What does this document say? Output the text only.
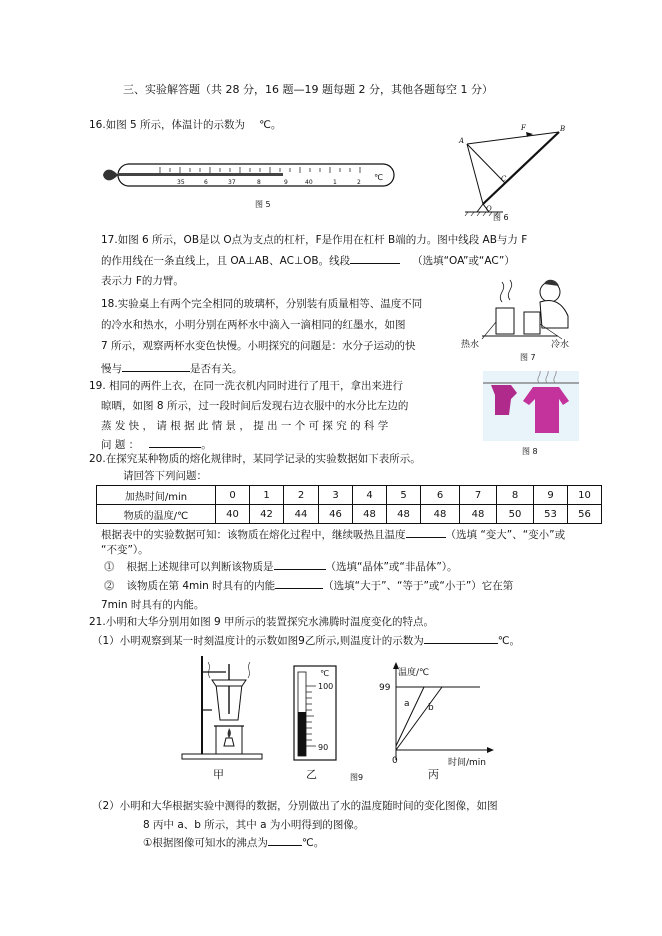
三、实验解答题（共 28 分，16 题—19 题每题 2 分，其他各题每空 1 分）
16.如图 5 所示，体温计的示数为 ℃。
35	6	37	8	9	40	1	2
℃
图 5
F	B
A
C
O
图 6
17.如图 6 所示，OB是以 O点为支点的杠杆，F是作用在杠杆 B端的力。图中线段 AB与力 F
的作用线在一条直线上，且 OA⊥AB、AC⊥OB。线段	（选填“OA”或“AC”）
表示力 F的力臂。
18.实验桌上有两个完全相同的玻璃杯，分别装有质量相等、温度不同
的冷水和热水，小明分别在两杯水中滴入一滴相同的红墨水，如图
7 所示，观察两杯水变色快慢。小明探究的问题是：水分子运动的快
慢与	是否有关。
热水	冷水
图 7
19. 相同的两件上衣，在同一洗衣机内同时进行了甩干，拿出来进行
晾晒，如图 8 所示，过一段时间后发现右边衣服中的水分比左边的
蒸 发 快 ， 请 根 据 此 情 景 ， 提 出 一 个 可 探 究 的 科 学
问 题 ：	。
图 8
20.在探究某种物质的熔化规律时，某同学记录的实验数据如下表所示。
请回答下列问题：
加热时间/min	0	1	2	3	4	5	6	7	8	9	10
物质的温度/℃	40	42	44	46	48	48	48	48	50	53	56
根据表中的实验数据可知：该物质在熔化过程中，继续吸热且温度	（选填 “变大”、“变小”或
“不变”）。
⓵ 根据上述规律可以判断该物质是	（选填“晶体”或“非晶体”）。
⓶ 该物质在第 4min 时具有的内能	（选填“大于”、“等于”或“小于”）它在第
7min 时具有的内能。
21.小明和大华分别用如图 9 甲所示的装置探究水沸腾时温度变化的特点。
（1）小明观察到某一时刻温度计的示数如图9乙所示,则温度计的示数为	℃。
甲
℃
100
90
乙	图9
温度/℃
99
0	时间/min
a b
丙
（2）小明和大华根据实验中测得的数据，分别做出了水的温度随时间的变化图像，如图
8 丙中 a、b 所示，其中 a 为小明得到的图像。
①根据图像可知水的沸点为	℃。
